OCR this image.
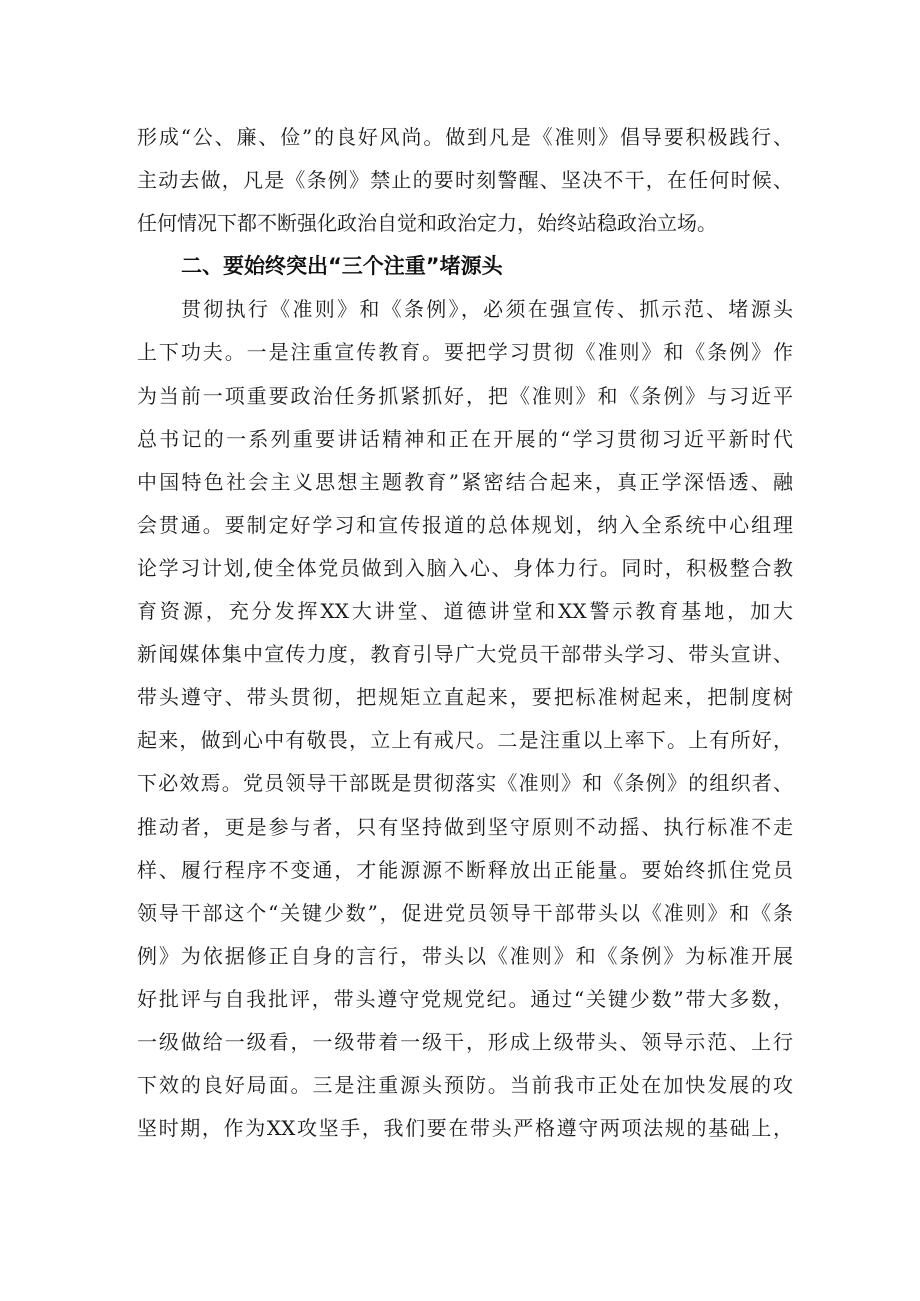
形成“公、廉、俭”的良好风尚。做到凡是《准则》倡导要积极践行、
主动去做，凡是《条例》禁止的要时刻警醒、坚决不干，在任何时候、
任何情况下都不断强化政治自觉和政治定力，始终站稳政治立场。
二、要始终突出“三个注重”堵源头
贯彻执行《准则》和《条例》，必须在强宣传、抓示范、堵源头
上下功夫。一是注重宣传教育。要把学习贯彻《准则》和《条例》作
为当前一项重要政治任务抓紧抓好，把《准则》和《条例》与习近平
总书记的一系列重要讲话精神和正在开展的“学习贯彻习近平新时代
中国特色社会主义思想主题教育”紧密结合起来，真正学深悟透、融
会贯通。要制定好学习和宣传报道的总体规划，纳入全系统中心组理
论学习计划,使全体党员做到入脑入心、身体力行。同时，积极整合教
育资源，充分发挥XX大讲堂、道德讲堂和XX警示教育基地，加大
新闻媒体集中宣传力度，教育引导广大党员干部带头学习、带头宣讲、
带头遵守、带头贯彻，把规矩立直起来，要把标准树起来，把制度树
起来，做到心中有敬畏，立上有戒尺。二是注重以上率下。上有所好，
下必效焉。党员领导干部既是贯彻落实《准则》和《条例》的组织者、
推动者，更是参与者，只有坚持做到坚守原则不动摇、执行标准不走
样、履行程序不变通，才能源源不断释放出正能量。要始终抓住党员
领导干部这个“关键少数”，促进党员领导干部带头以《准则》和《条
例》为依据修正自身的言行，带头以《准则》和《条例》为标准开展
好批评与自我批评，带头遵守党规党纪。通过“关键少数”带大多数，
一级做给一级看，一级带着一级干，形成上级带头、领导示范、上行
下效的良好局面。三是注重源头预防。当前我市正处在加快发展的攻
坚时期，作为XX攻坚手，我们要在带头严格遵守两项法规的基础上，
